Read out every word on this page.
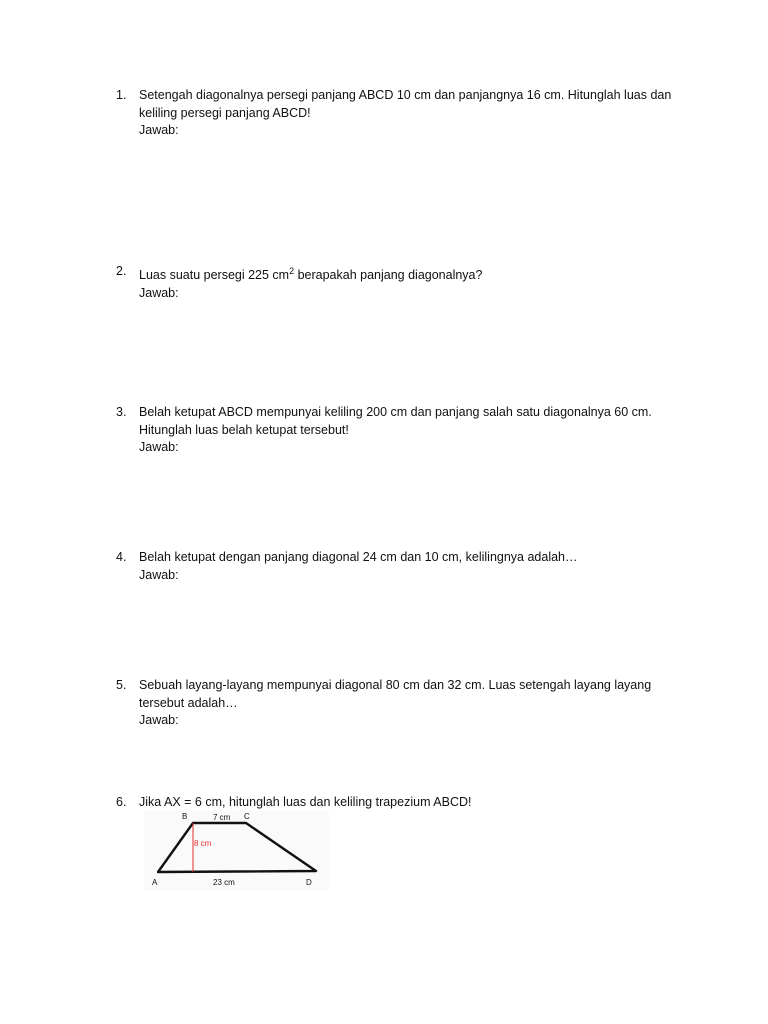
1.	Setengah diagonalnya persegi panjang ABCD 10 cm dan panjangnya 16 cm. Hitunglah luas dan keliling persegi panjang ABCD!
Jawab:
2.	Luas suatu persegi 225 $cm^2$ berapakah panjang diagonalnya?
Jawab:
3.	Belah ketupat ABCD mempunyai keliling 200 cm dan panjang salah satu diagonalnya 60 cm. Hitunglah luas belah ketupat tersebut!
Jawab:
4.	Belah ketupat dengan panjang diagonal 24 cm dan 10 cm, kelilingnya adalah…
Jawab:
5.	Sebuah layang-layang mempunyai diagonal 80 cm dan 32 cm. Luas setengah layang layang tersebut adalah…
Jawab:
6.	Jika AX = 6 cm, hitunglah luas dan keliling trapezium ABCD!
8 cm
7 cm
23 cm
B	C
A	D
